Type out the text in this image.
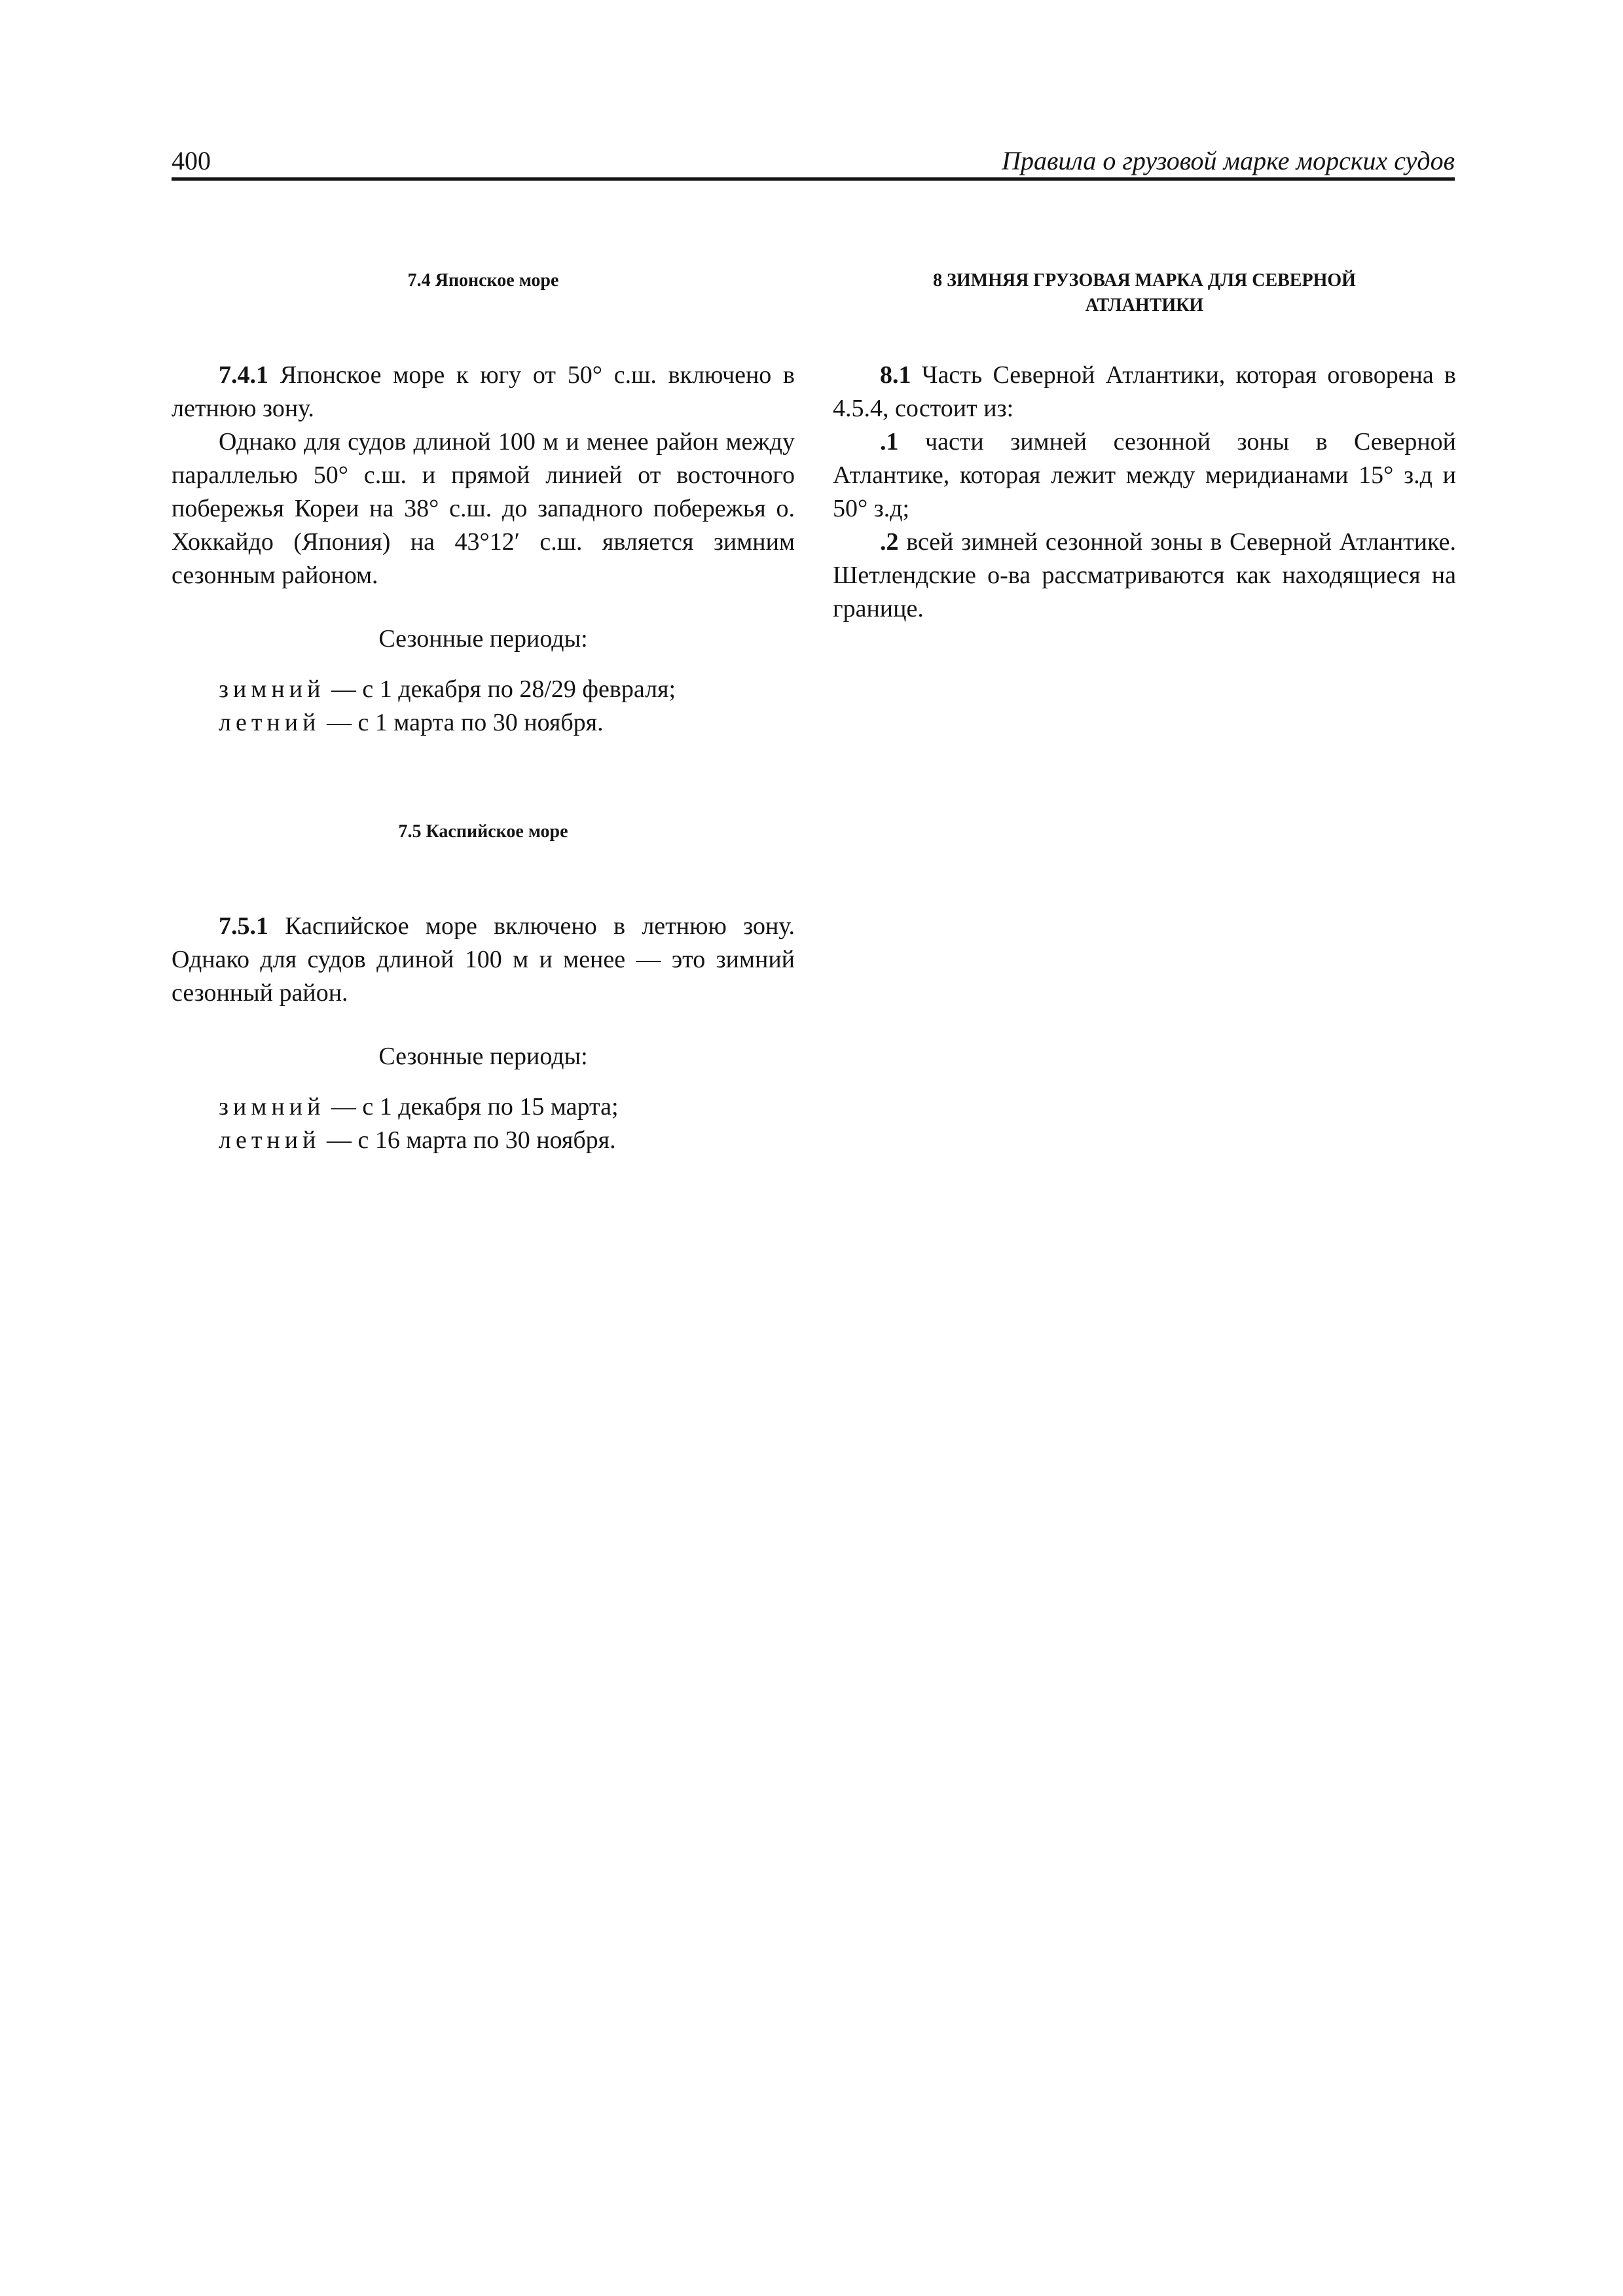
400	Правила о грузовой марке морских судов
7.4 Японское море

7.4.1 Японское море к югу от 50° с.ш. включено в летнюю зону.

Однако для судов длиной 100 м и менее район между параллелью 50° с.ш. и прямой линией от восточного побережья Кореи на 38° с.ш. до западного побережья о. Хоккайдо (Япония) на 43°12′ с.ш. является зимним сезонным районом.

Сезонные периоды:

зимний — с 1 декабря по 28/29 февраля;

летний — с 1 марта по 30 ноября.

7.5 Каспийское море

7.5.1 Каспийское море включено в летнюю зону. Однако для судов длиной 100 м и менее — это зимний сезонный район.

Сезонные периоды:

зимний — с 1 декабря по 15 марта;

летний — с 16 марта по 30 ноября.

8 ЗИМНЯЯ ГРУЗОВАЯ МАРКА ДЛЯ СЕВЕРНОЙ
АТЛАНТИКИ

8.1 Часть Северной Атлантики, которая оговорена в 4.5.4, состоит из:

.1 части зимней сезонной зоны в Северной Атлантике, которая лежит между меридианами 15° з.д и 50° з.д;

.2 всей зимней сезонной зоны в Северной Атлантике. Шетлендские о-ва рассматриваются как находящиеся на границе.
